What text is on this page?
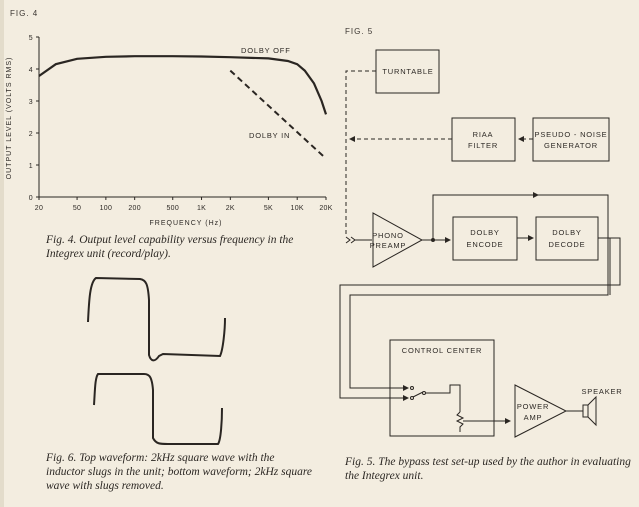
FIG. 4
0
1
2
3
4
5
20	50	100 200	500	1K	2K	5K	10K 20K
FREQUENCY (Hz)
OUTPUT LEVEL (VOLTS RMS)
DOLBY OFF
DOLBY IN
Fig. 4. Output level capability versus frequency in the Integrex unit (record/play).
Fig. 6. Top waveform: 2kHz square wave with the inductor slugs in the unit; bottom waveform; 2kHz square wave with slugs removed.
FIG. 5
TURNTABLE
RIAA
FILTER
PSEUDO - NOISE
GENERATOR
PHONO
PREAMP
DOLBY
ENCODE
DOLBY
DECODE
CONTROL CENTER
POWER
AMP
SPEAKER
Fig. 5. The bypass test set-up used by the author in evaluating the Integrex unit.
